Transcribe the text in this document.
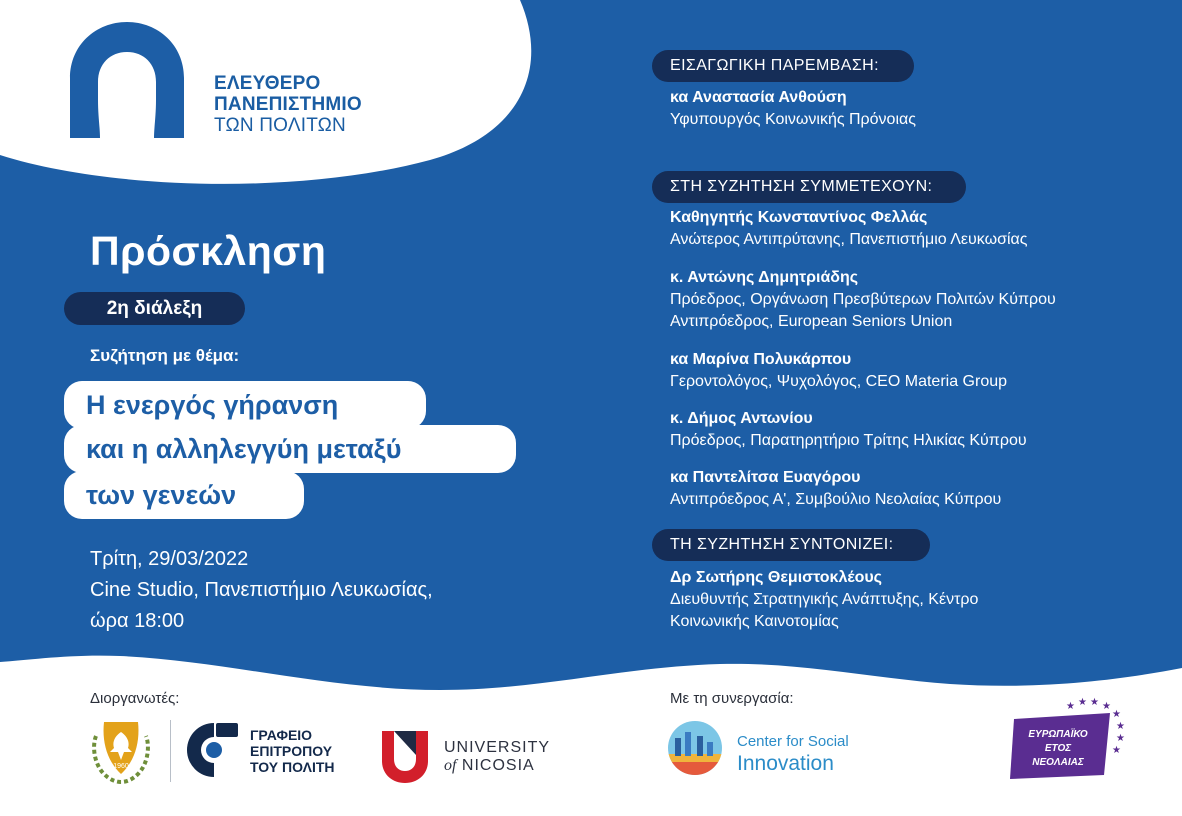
ΕΛΕΥΘΕΡΟ
ΠΑΝΕΠΙΣΤΗΜΙΟ
ΤΩΝ ΠΟΛΙΤΩΝ
Πρόσκληση
2η διάλεξη
Συζήτηση με θέμα:
Η ενεργός γήρανση
και η αλληλεγγύη μεταξύ
των γενεών
Τρίτη, 29/03/2022
Cine Studio, Πανεπιστήμιο Λευκωσίας,
ώρα 18:00
ΕΙΣΑΓΩΓΙΚΗ ΠΑΡΕΜΒΑΣΗ:
κα Αναστασία Ανθούση
Υφυπουργός Κοινωνικής Πρόνοιας
ΣΤΗ ΣΥΖΗΤΗΣΗ ΣΥΜΜΕΤΕΧΟΥΝ:
Καθηγητής Κωνσταντίνος Φελλάς
Ανώτερος Αντιπρύτανης, Πανεπιστήμιο Λευκωσίας
κ. Αντώνης Δημητριάδης
Πρόεδρος, Οργάνωση Πρεσβύτερων Πολιτών Κύπρου
Αντιπρόεδρος, European Seniors Union
κα Μαρίνα Πολυκάρπου
Γεροντολόγος, Ψυχολόγος, CEO Materia Group
κ. Δήμος Αντωνίου
Πρόεδρος, Παρατηρητήριο Τρίτης Ηλικίας Κύπρου
κα Παντελίτσα Ευαγόρου
Αντιπρόεδρος Α', Συμβούλιο Νεολαίας Κύπρου
ΤΗ ΣΥΖΗΤΗΣΗ ΣΥΝΤΟΝΙΖΕΙ:
Δρ Σωτήρης Θεμιστοκλέους
Διευθυντής Στρατηγικής Ανάπτυξης, Κέντρο
Κοινωνικής Καινοτομίας
Διοργανωτές:	Με τη συνεργασία:
1960
ΓΡΑΦΕΙΟ
ΕΠΙΤΡΟΠΟΥ
ΤΟΥ ΠΟΛΙΤΗ
UNIVERSITY
of NICOSIA
Center for Social
Innovation
★ ★ ★ ★
★
★
★
★
ΕΥΡΩΠΑΪΚΟ
ΕΤΟΣ
ΝΕΟΛΑΙΑΣ
